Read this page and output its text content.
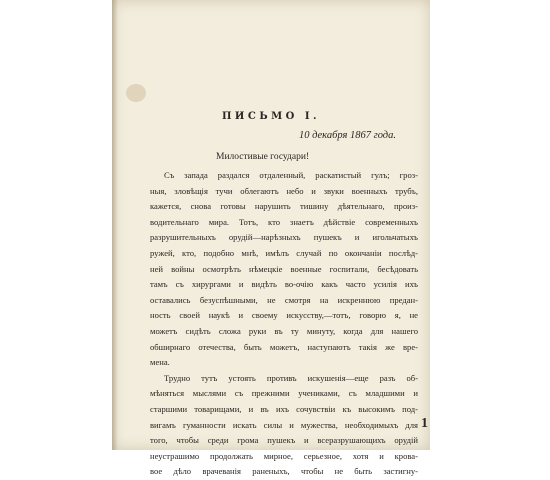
ПИСЬМО I.
10 декабря 1867 года.
Милостивые государи!
Съ запада раздался отдаленный, раскатистый гулъ; гроз-
ныя, зловѣщія тучи облегаютъ небо и звуки военныхъ трубъ,
кажется, снова готовы нарушить тишину дѣятельнаго, произ-
водительнаго мира. Тотъ, кто знаетъ дѣйствіе современныхъ
разрушительныхъ орудій—нарѣзныхъ пушекъ и игольчатыхъ
ружей, кто, подобно мнѣ, имѣлъ случай по окончаніи послѣд-
ней войны осмотрѣть нѣмецкіе военные госпитали, бесѣдовать
тамъ съ хирургами и видѣть во-очію какъ часто усилія ихъ
оставались безуспѣшными, не смотря на искреннюю предан-
ность своей наукѣ и своему искусству,—тотъ, говорю я, не
можетъ сидѣть сложа руки въ ту минуту, когда для нашего
обширнаго отечества, быть можетъ, наступаютъ такія же вре-
мена.
Трудно тутъ устоять противъ искушенія—еще разъ об-
мѣняться мыслями съ прежними учениками, съ младшими и
старшими товарищами, и въ ихъ сочувствіи къ высокимъ под-
вигамъ гуманности искать силы и мужества, необходимыхъ для
того, чтобы среди грома пушекъ и всеразрушающихъ орудій
неустрашимо продолжать мирное, серьезное, хотя и крова-
вое дѣло врачеванія раненыхъ, чтобы не быть застигну-
1
